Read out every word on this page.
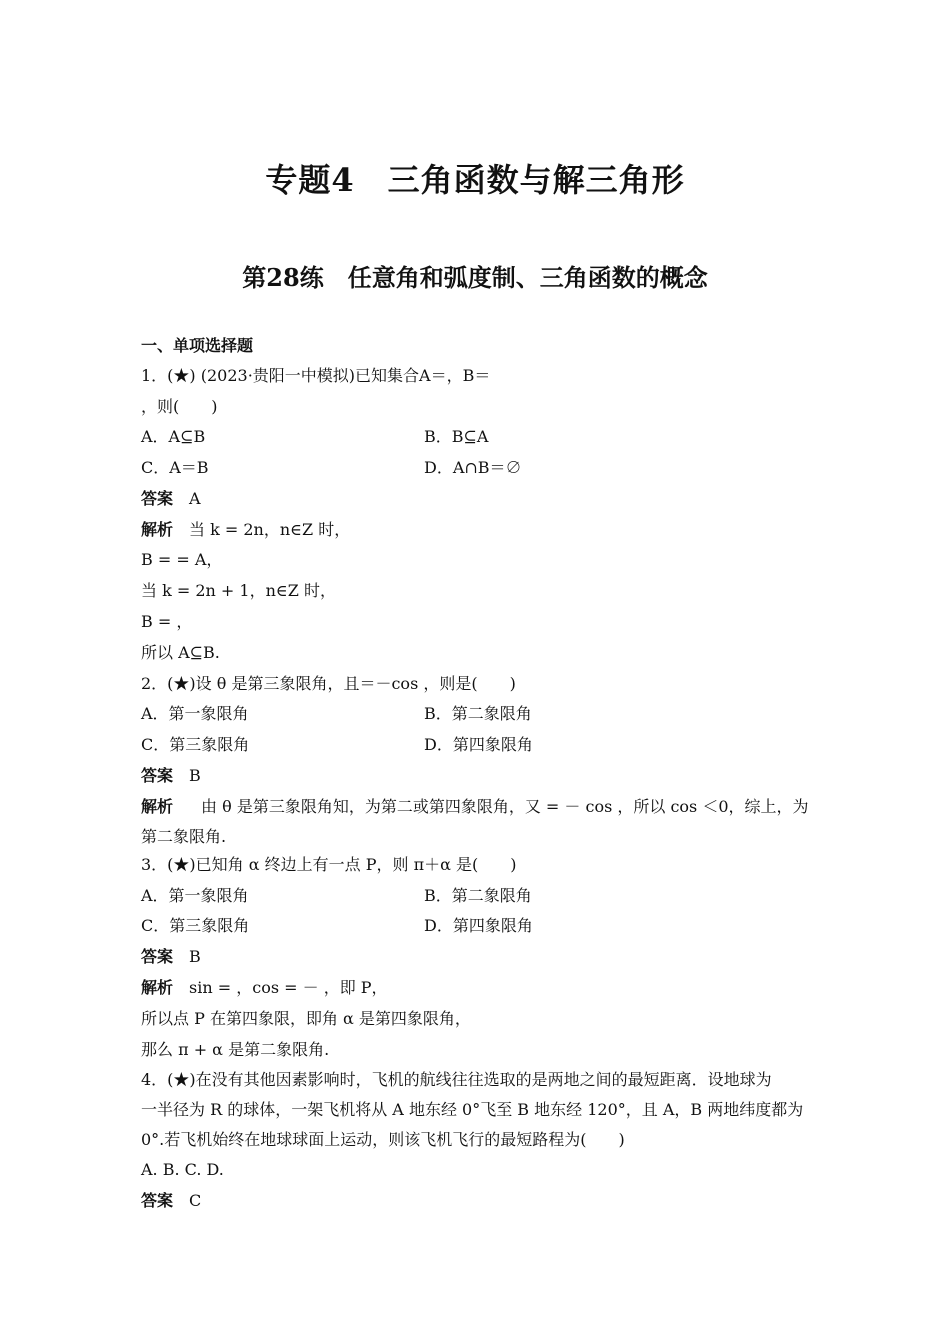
专题4　三角函数与解三角形
第28练　任意角和弧度制、三角函数的概念
一、单项选择题
1．(★) (2023·贵阳一中模拟)已知集合A＝，B＝
，则(　　)
A．A⊆B	B．B⊆A
C．A＝B	D．A∩B＝∅
答案 A
解析 当 k = 2n，n∈Z 时，
B = = A，
当 k = 2n + 1，n∈Z 时，
B = ，
所以 A⊆B.
2．(★)设 θ 是第三象限角，且＝－cos ，则是(　　)
A．第一象限角	B．第二象限角
C．第三象限角	D．第四象限角
答案 B
解析 由 θ 是第三象限角知，为第二或第四象限角，又 = － cos ，所以 cos ＜0，综上，为
第二象限角.
3．(★)已知角 α 终边上有一点 P，则 π＋α 是(　　)
A．第一象限角	B．第二象限角
C．第三象限角	D．第四象限角
答案 B
解析 sin = ，cos = － ，即 P，
所以点 P 在第四象限，即角 α 是第四象限角，
那么 π + α 是第二象限角.
4．(★)在没有其他因素影响时，飞机的航线往往选取的是两地之间的最短距离．设地球为
一半径为 R 的球体，一架飞机将从 A 地东经 0°飞至 B 地东经 120°，且 A，B 两地纬度都为
0°.若飞机始终在地球球面上运动，则该飞机飞行的最短路程为(　　)
A. B. C. D.
答案 C
